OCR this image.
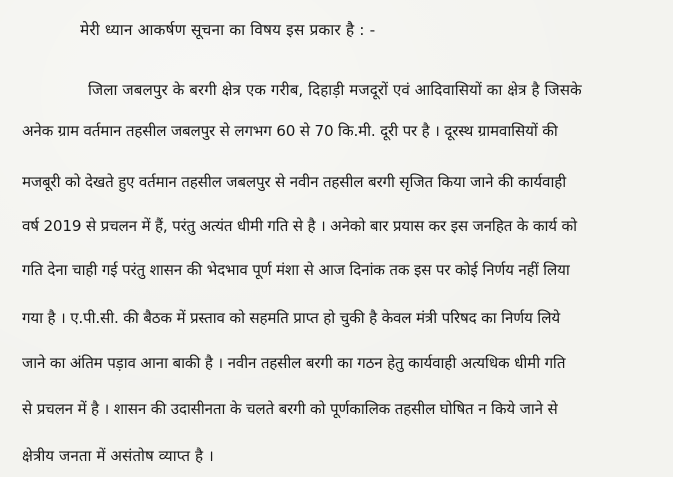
मेरी ध्यान आकर्षण सूचना का विषय इस प्रकार है : -
जिला जबलपुर के बरगी क्षेत्र एक गरीब, दिहाड़ी मजदूरों एवं आदिवासियों का क्षेत्र है जिसके
अनेक ग्राम वर्तमान तहसील जबलपुर से लगभग 60 से 70 कि.मी. दूरी पर है । दूरस्थ ग्रामवासियों की
मजबूरी को देखते हुए वर्तमान तहसील जबलपुर से नवीन तहसील बरगी सृजित किया जाने की कार्यवाही
वर्ष 2019 से प्रचलन में हैं, परंतु अत्यंत धीमी गति से है । अनेको बार प्रयास कर इस जनहित के कार्य को
गति देना चाही गई परंतु शासन की भेदभाव पूर्ण मंशा से आज दिनांक तक इस पर कोई निर्णय नहीं लिया
गया है । ए.पी.सी. की बैठक में प्रस्ताव को सहमति प्राप्त हो चुकी है केवल मंत्री परिषद का निर्णय लिये
जाने का अंतिम पड़ाव आना बाकी है । नवीन तहसील बरगी का गठन हेतु कार्यवाही अत्यधिक धीमी गति
से प्रचलन में है । शासन की उदासीनता के चलते बरगी को पूर्णकालिक तहसील घोषित न किये जाने से
क्षेत्रीय जनता में असंतोष व्याप्त है ।
